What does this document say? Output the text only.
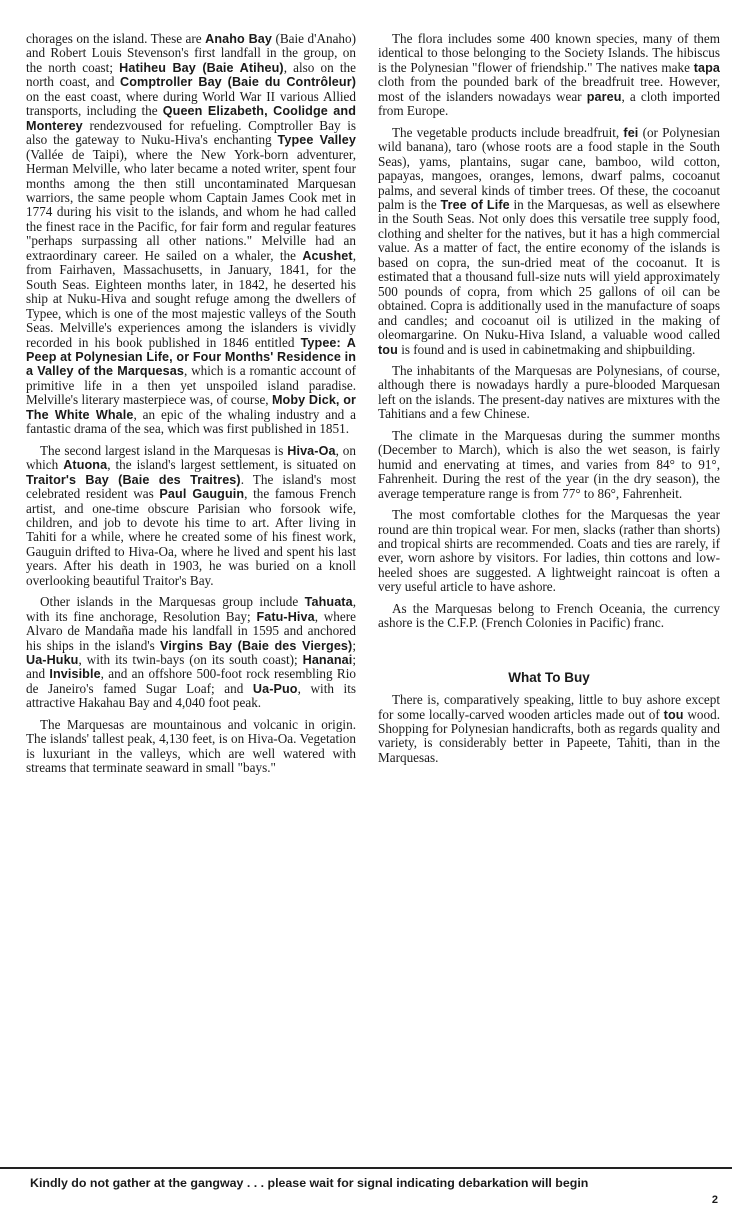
chorages on the island. These are Anaho Bay (Baie d'Anaho) and Robert Louis Stevenson's first landfall in the group, on the north coast; Hatiheu Bay (Baie Atiheu), also on the north coast, and Comptroller Bay (Baie du Contrôleur) on the east coast, where during World War II various Allied transports, including the Queen Elizabeth, Coolidge and Monterey rendezvoused for refueling. Comptroller Bay is also the gateway to Nuku-Hiva's enchanting Typee Valley (Vallée de Taipi), where the New York-born adventurer, Herman Melville, who later became a noted writer, spent four months among the then still uncontaminated Marquesan warriors, the same people whom Captain James Cook met in 1774 during his visit to the islands, and whom he had called the finest race in the Pacific, for fair form and regular features "perhaps surpassing all other nations." Melville had an extraordinary career. He sailed on a whaler, the Acushet, from Fairhaven, Massachusetts, in January, 1841, for the South Seas. Eighteen months later, in 1842, he deserted his ship at Nuku-Hiva and sought refuge among the dwellers of Typee, which is one of the most majestic valleys of the South Seas. Melville's experiences among the islanders is vividly recorded in his book published in 1846 entitled Typee: A Peep at Polynesian Life, or Four Months' Residence in a Valley of the Marquesas, which is a romantic account of primitive life in a then yet unspoiled island paradise. Melville's literary masterpiece was, of course, Moby Dick, or The White Whale, an epic of the whaling industry and a fantastic drama of the sea, which was first published in 1851.

The second largest island in the Marquesas is Hiva-Oa, on which Atuona, the island's largest settlement, is situated on Traitor's Bay (Baie des Traitres). The island's most celebrated resident was Paul Gauguin, the famous French artist, and one-time obscure Parisian who forsook wife, children, and job to devote his time to art. After living in Tahiti for a while, where he created some of his finest work, Gauguin drifted to Hiva-Oa, where he lived and spent his last years. After his death in 1903, he was buried on a knoll overlooking beautiful Traitor's Bay.

Other islands in the Marquesas group include Tahuata, with its fine anchorage, Resolution Bay; Fatu-Hiva, where Alvaro de Mandaña made his landfall in 1595 and anchored his ships in the island's Virgins Bay (Baie des Vierges); Ua-Huku, with its twin-bays (on its south coast); Hananai; and Invisible, and an offshore 500-foot rock resembling Rio de Janeiro's famed Sugar Loaf; and Ua-Puo, with its attractive Hakahau Bay and 4,040 foot peak.

The Marquesas are mountainous and volcanic in origin. The islands' tallest peak, 4,130 feet, is on Hiva-Oa. Vegetation is luxuriant in the valleys, which are well watered with streams that terminate seaward in small "bays."

The flora includes some 400 known species, many of them identical to those belonging to the Society Islands. The hibiscus is the Polynesian "flower of friendship." The natives make tapa cloth from the pounded bark of the breadfruit tree. However, most of the islanders nowadays wear pareu, a cloth imported from Europe.

The vegetable products include breadfruit, fei (or Polynesian wild banana), taro (whose roots are a food staple in the South Seas), yams, plantains, sugar cane, bamboo, wild cotton, papayas, mangoes, oranges, lemons, dwarf palms, cocoanut palms, and several kinds of timber trees. Of these, the cocoanut palm is the Tree of Life in the Marquesas, as well as elsewhere in the South Seas. Not only does this versatile tree supply food, clothing and shelter for the natives, but it has a high commercial value. As a matter of fact, the entire economy of the islands is based on copra, the sun-dried meat of the cocoanut. It is estimated that a thousand full-size nuts will yield approximately 500 pounds of copra, from which 25 gallons of oil can be obtained. Copra is additionally used in the manufacture of soaps and candles; and cocoanut oil is utilized in the making of oleomargarine. On Nuku-Hiva Island, a valuable wood called tou is found and is used in cabinetmaking and shipbuilding.

The inhabitants of the Marquesas are Polynesians, of course, although there is nowadays hardly a pure-blooded Marquesan left on the islands. The present-day natives are mixtures with the Tahitians and a few Chinese.

The climate in the Marquesas during the summer months (December to March), which is also the wet season, is fairly humid and enervating at times, and varies from 84° to 91°, Fahrenheit. During the rest of the year (in the dry season), the average temperature range is from 77° to 86°, Fahrenheit.

The most comfortable clothes for the Marquesas the year round are thin tropical wear. For men, slacks (rather than shorts) and tropical shirts are recommended. Coats and ties are rarely, if ever, worn ashore by visitors. For ladies, thin cottons and low-heeled shoes are suggested. A lightweight raincoat is often a very useful article to have ashore.

As the Marquesas belong to French Oceania, the currency ashore is the C.F.P. (French Colonies in Pacific) franc.

What To Buy

There is, comparatively speaking, little to buy ashore except for some locally-carved wooden articles made out of tou wood. Shopping for Polynesian handicrafts, both as regards quality and variety, is considerably better in Papeete, Tahiti, than in the Marquesas.

Kindly do not gather at the gangway . . . please wait for signal indicating debarkation will begin
2
